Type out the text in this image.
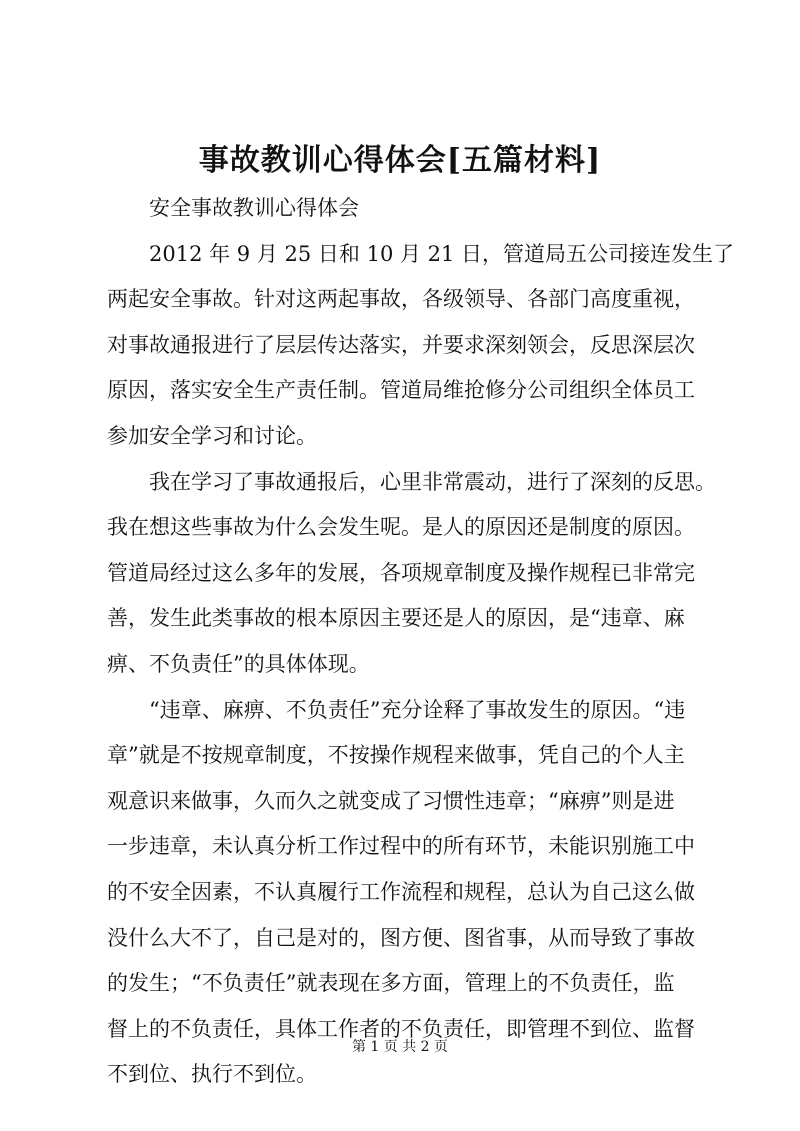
事故教训心得体会[五篇材料]
安全事故教训心得体会
2012 年 9 月 25 日和 10 月 21 日，管道局五公司接连发生了
两起安全事故。针对这两起事故，各级领导、各部门高度重视，
对事故通报进行了层层传达落实，并要求深刻领会，反思深层次
原因，落实安全生产责任制。管道局维抢修分公司组织全体员工
参加安全学习和讨论。
我在学习了事故通报后，心里非常震动，进行了深刻的反思。
我在想这些事故为什么会发生呢。是人的原因还是制度的原因。
管道局经过这么多年的发展，各项规章制度及操作规程已非常完
善，发生此类事故的根本原因主要还是人的原因，是“违章、麻
痹、不负责任”的具体体现。
“违章、麻痹、不负责任”充分诠释了事故发生的原因。“违
章”就是不按规章制度，不按操作规程来做事，凭自己的个人主
观意识来做事，久而久之就变成了习惯性违章；“麻痹”则是进
一步违章，未认真分析工作过程中的所有环节，未能识别施工中
的不安全因素，不认真履行工作流程和规程，总认为自己这么做
没什么大不了，自己是对的，图方便、图省事，从而导致了事故
的发生；“不负责任”就表现在多方面，管理上的不负责任，监
督上的不负责任，具体工作者的不负责任，即管理不到位、监督
不到位、执行不到位。
第 1 页 共 2 页
